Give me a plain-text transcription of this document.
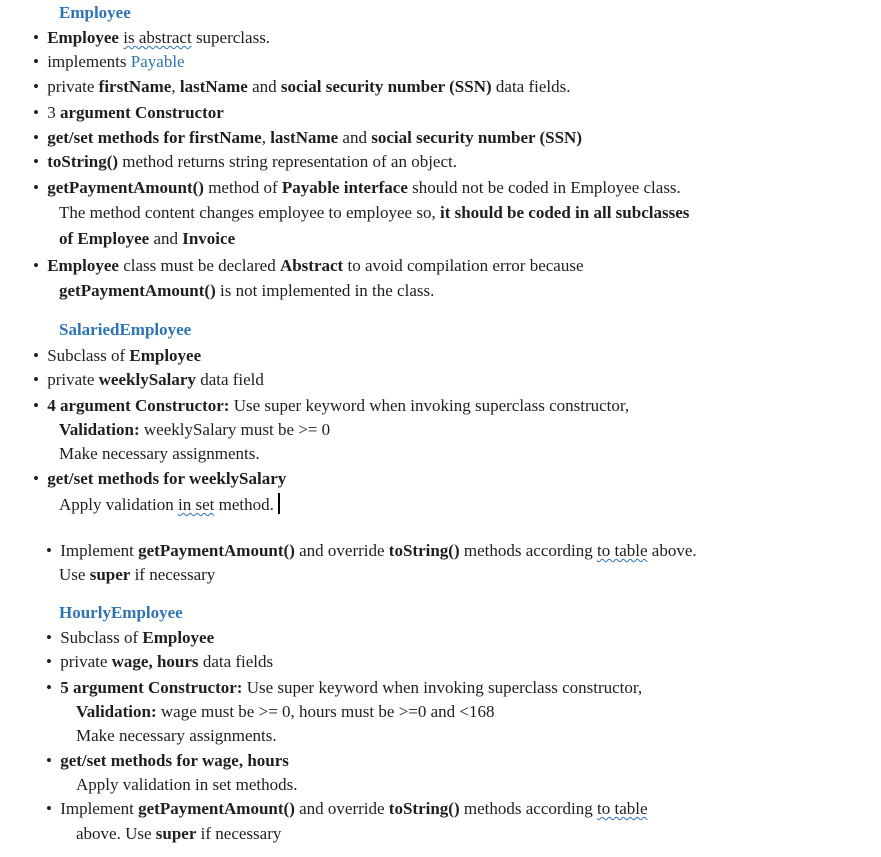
Employee
• Employee is abstract superclass.
• implements Payable
• private firstName, lastName and social security number (SSN) data fields.
• 3 argument Constructor
• get/set methods for firstName, lastName and social security number (SSN)
• toString() method returns string representation of an object.
• getPaymentAmount() method of Payable interface should not be coded in Employee class.
The method content changes employee to employee so, it should be coded in all subclasses
of Employee and Invoice
• Employee class must be declared Abstract to avoid compilation error because
getPaymentAmount() is not implemented in the class.
SalariedEmployee
• Subclass of Employee
• private weeklySalary data field
• 4 argument Constructor: Use super keyword when invoking superclass constructor,
Validation: weeklySalary must be >= 0
Make necessary assignments.
• get/set methods for weeklySalary
Apply validation in set method.
• Implement getPaymentAmount() and override toString() methods according to table above.
Use super if necessary
HourlyEmployee
• Subclass of Employee
• private wage, hours data fields
• 5 argument Constructor: Use super keyword when invoking superclass constructor,
Validation: wage must be >= 0, hours must be >=0 and <168
Make necessary assignments.
• get/set methods for wage, hours
Apply validation in set methods.
• Implement getPaymentAmount() and override toString() methods according to table
above. Use super if necessary
